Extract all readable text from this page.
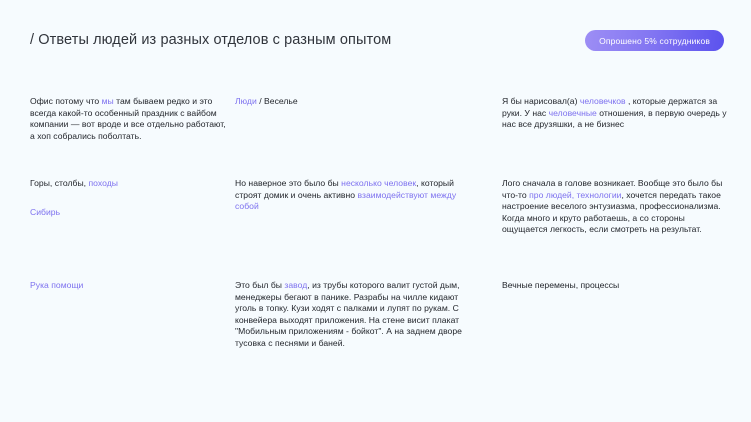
/ Ответы людей из разных отделов с разным опытом	Опрошено 5% сотрудников
Офис потому что мы там бываем редко и это всегда какой-то особенный праздник с вайбом компании — вот вроде и все отдельно работают, а хоп собрались поболтать.
Горы, столбы, походы
Сибирь
Рука помощи
Люди / Веселье
Но наверное это было бы несколько человек, который строят домик и очень активно взаимодействуют между собой
Это был бы завод, из трубы которого валит густой дым, менеджеры бегают в панике. Разрабы на чилле кидают уголь в топку. Кузи ходят с палками и лупят по рукам. С конвейера выходят приложения. На стене висит плакат "Мобильным приложениям - бойкот". А на заднем дворе тусовка с песнями и баней.
Я бы нарисовал(а) человечков , которые держатся за руки. У нас человечные отношения, в первую очередь у нас все друзяшки, а не бизнес
Лого сначала в голове возникает. Вообще это было бы что-то про людей, технологии, хочется передать такое настроение веселого энтузиазма, профессионализма. Когда много и круто работаешь, а со стороны ощущается легкость, если смотреть на результат.
Вечные перемены, процессы
